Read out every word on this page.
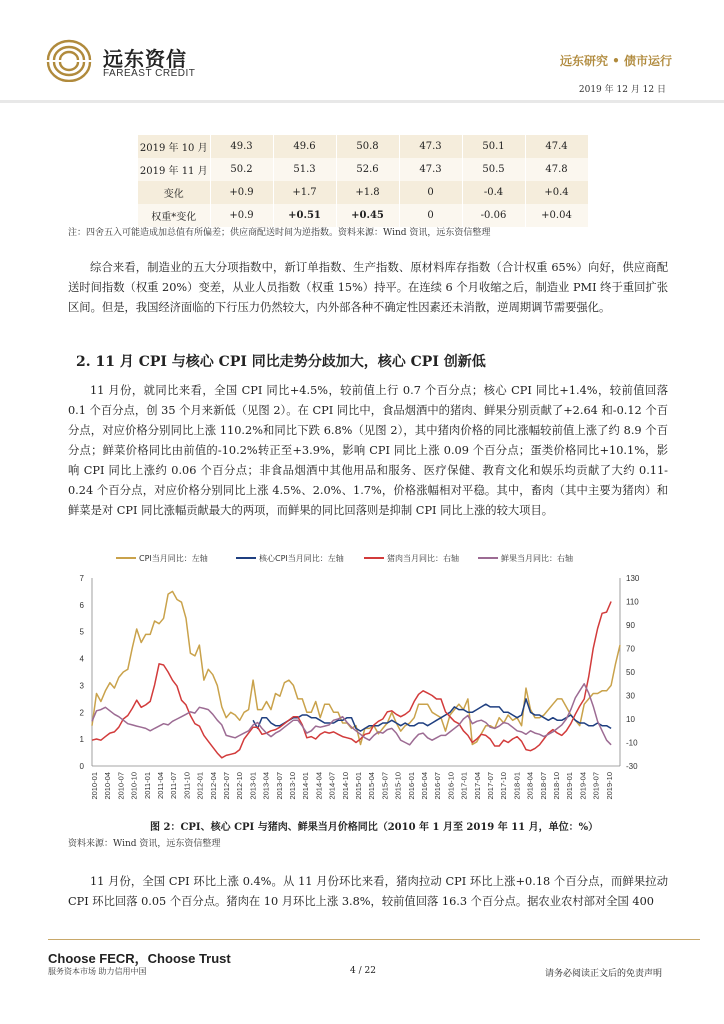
远东资信
FAREAST CREDIT
远东研究 • 债市运行
2019 年 12 月 12 日
2019 年 10 月	49.3	49.6	50.8	47.3	50.1	47.4
2019 年 11 月	50.2	51.3	52.6	47.3	50.5	47.8
变化	+0.9	+1.7	+1.8	0	-0.4	+0.4
权重*变化	+0.9	+0.51	+0.45	0	-0.06	+0.04
注：四舍五入可能造成加总值有所偏差；供应商配送时间为逆指数。资料来源：Wind 资讯，远东资信整理

综合来看，制造业的五大分项指数中，新订单指数、生产指数、原材料库存指数（合计权重 65%）向好，供应商配送时间指数（权重 20%）变差，从业人员指数（权重 15%）持平。在连续 6 个月收缩之后，制造业 PMI 终于重回扩张区间。但是，我国经济面临的下行压力仍然较大，内外部各种不确定性因素还未消散，逆周期调节需要强化。

2. 11 月 CPI 与核心 CPI 同比走势分歧加大，核心 CPI 创新低

11 月份，就同比来看，全国 CPI 同比+4.5%，较前值上行 0.7 个百分点；核心 CPI 同比+1.4%，较前值回落 0.1 个百分点，创 35 个月来新低（见图 2）。在 CPI 同比中，食品烟酒中的猪肉、鲜果分别贡献了+2.64 和-0.12 个百分点，对应价格分别同比上涨 110.2%和同比下跌 6.8%（见图 2），其中猪肉价格的同比涨幅较前值上涨了约 8.9 个百分点；鲜菜价格同比由前值的-10.2%转正至+3.9%，影响 CPI 同比上涨 0.09 个百分点；蛋类价格同比+10.1%，影响 CPI 同比上涨约 0.06 个百分点；非食品烟酒中其他用品和服务、医疗保健、教育文化和娱乐均贡献了大约 0.11-0.24 个百分点，对应价格分别同比上涨 4.5%、2.0%、1.7%，价格涨幅相对平稳。其中，畜肉（其中主要为猪肉）和鲜菜是对 CPI 同比涨幅贡献最大的两项，而鲜果的同比回落则是抑制 CPI 同比上涨的较大项目。

0
1
2
3
4
5
6
7
-30
-10
10
30
50
70
90
110
130
2010-01 2010-04 2010-07 2010-10 2011-01 2011-04 2011-07 2011-10 2012-01 2012-04 2012-07 2012-10 2013-01 2013-04 2013-07 2013-10 2014-01 2014-04 2014-07 2014-10 2015-01 2015-04 2015-07 2015-10 2016-01 2016-04 2016-07 2016-10 2017-01 2017-04 2017-07 2017-10 2018-01 2018-04 2018-07 2018-10 2019-01 2019-04 2019-07 2019-10
CPI当月同比：左轴	核心CPI当月同比：左轴	猪肉当月同比：右轴	鲜果当月同比：右轴
图 2：CPI、核心 CPI 与猪肉、鲜果当月价格同比（2010 年 1 月至 2019 年 11 月，单位：%）
资料来源：Wind 资讯，远东资信整理

11 月份，全国 CPI 环比上涨 0.4%。从 11 月份环比来看，猪肉拉动 CPI 环比上涨+0.18 个百分点，而鲜果拉动 CPI 环比回落 0.05 个百分点。猪肉在 10 月环比上涨 3.8%，较前值回落 16.3 个百分点。据农业农村部对全国 400

Choose FECR，Choose Trust
服务资本市场 助力信用中国	4 / 22	请务必阅读正文后的免责声明
